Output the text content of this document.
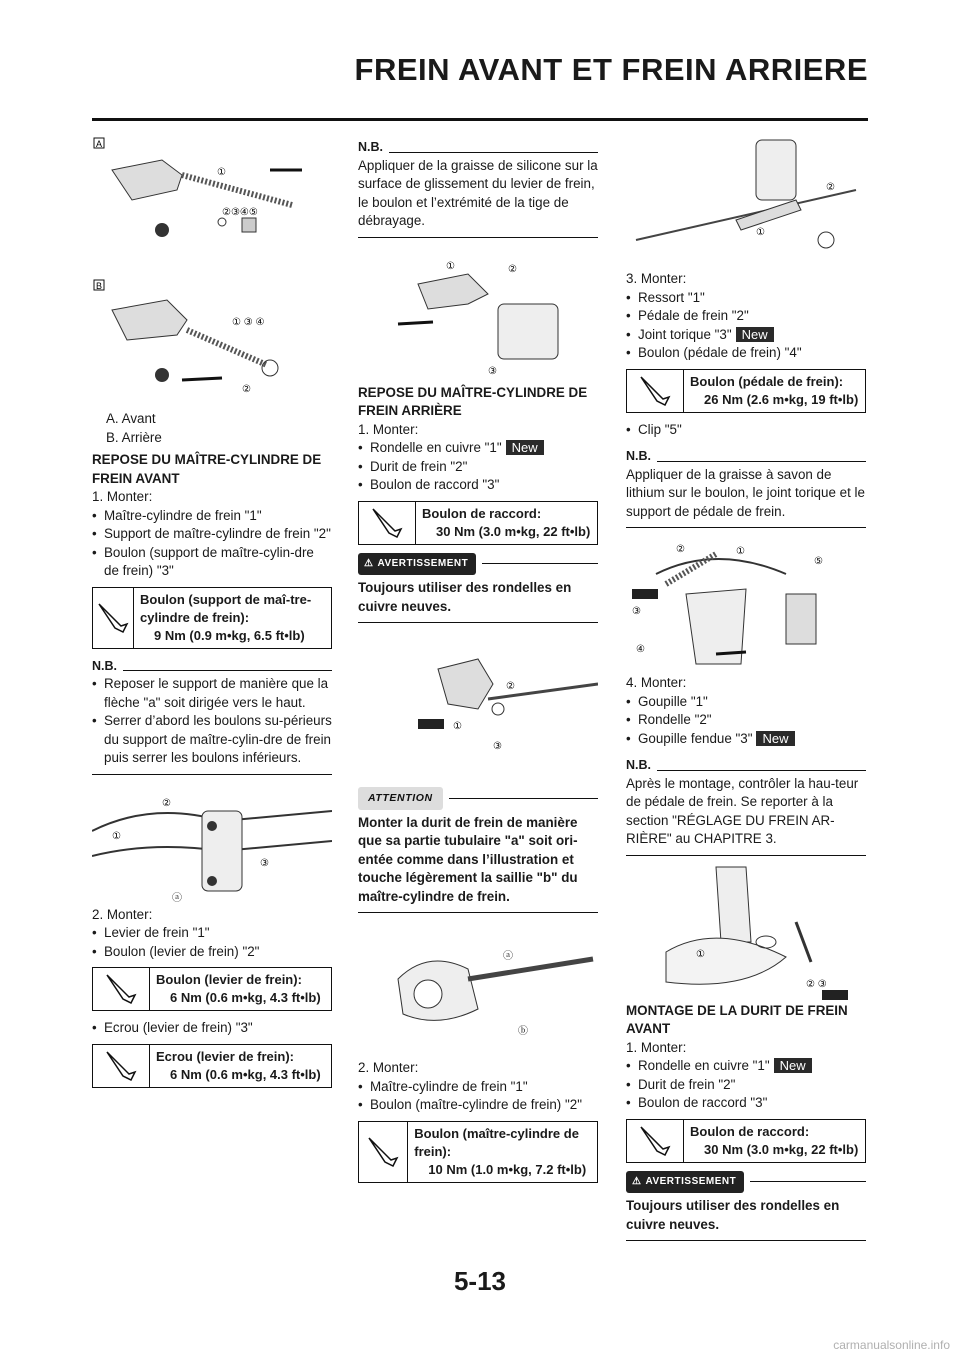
FREIN AVANT ET FREIN ARRIERE
A
①
②③④⑤
B
① ③ ④
②
A. Avant
B. Arrière
REPOSE DU MAÎTRE-CYLINDRE DE FREIN AVANT
1. Monter:
• Maître-cylindre de frein "1"
• Support de maître-cylindre de frein "2"
• Boulon (support de maître-cylin-dre de frein) "3"
Boulon (support de maî-tre-cylindre de frein):
9 Nm (0.9 m•kg, 6.5 ft•lb)
N.B.
• Reposer le support de manière que la flèche "a" soit dirigée vers le haut.
• Serrer d’abord les boulons su-périeurs du support de maître-cylin-dre de frein puis serrer les boulons inférieurs.
②
①
③
ⓐ
2. Monter:
• Levier de frein "1"
• Boulon (levier de frein) "2"
Boulon (levier de frein):
6 Nm (0.6 m•kg, 4.3 ft•lb)
• Ecrou (levier de frein) "3"
Ecrou (levier de frein):
6 Nm (0.6 m•kg, 4.3 ft•lb)
N.B.
Appliquer de la graisse de silicone sur la surface de glissement du levier de frein, le boulon et l’extrémité de la tige de débrayage.
①	②
③
REPOSE DU MAÎTRE-CYLINDRE DE FREIN ARRIÈRE
1. Monter:
• Rondelle en cuivre "1" New
• Durit de frein "2"
• Boulon de raccord "3"
Boulon de raccord:
30 Nm (3.0 m•kg, 22 ft•lb)
⚠ AVERTISSEMENT
Toujours utiliser des rondelles en cuivre neuves.
②
①
③
ATTENTION
Monter la durit de frein de manière que sa partie tubulaire "a" soit ori-entée comme dans l’illustration et touche légèrement la saillie "b" du maître-cylindre de frein.
ⓐ
ⓑ
2. Monter:
• Maître-cylindre de frein "1"
• Boulon (maître-cylindre de frein) "2"
Boulon (maître-cylindre de frein):
10 Nm (1.0 m•kg, 7.2 ft•lb)
②
①
3. Monter:
• Ressort "1"
• Pédale de frein "2"
• Joint torique "3" New
• Boulon (pédale de frein) "4"
Boulon (pédale de frein):
26 Nm (2.6 m•kg, 19 ft•lb)
• Clip "5"
N.B.
Appliquer de la graisse à savon de lithium sur le boulon, le joint torique et le support de pédale de frein.
②	①
⑤
③
④
4. Monter:
• Goupille "1"
• Rondelle "2"
• Goupille fendue "3" New
N.B.
Après le montage, contrôler la hau-teur de pédale de frein. Se reporter à la section "RÉGLAGE DU FREIN AR-RIÈRE" au CHAPITRE 3.
①
② ③
MONTAGE DE LA DURIT DE FREIN AVANT
1. Monter:
• Rondelle en cuivre "1" New
• Durit de frein "2"
• Boulon de raccord "3"
Boulon de raccord:
30 Nm (3.0 m•kg, 22 ft•lb)
⚠ AVERTISSEMENT
Toujours utiliser des rondelles en cuivre neuves.
5-13
carmanualsonline.info
